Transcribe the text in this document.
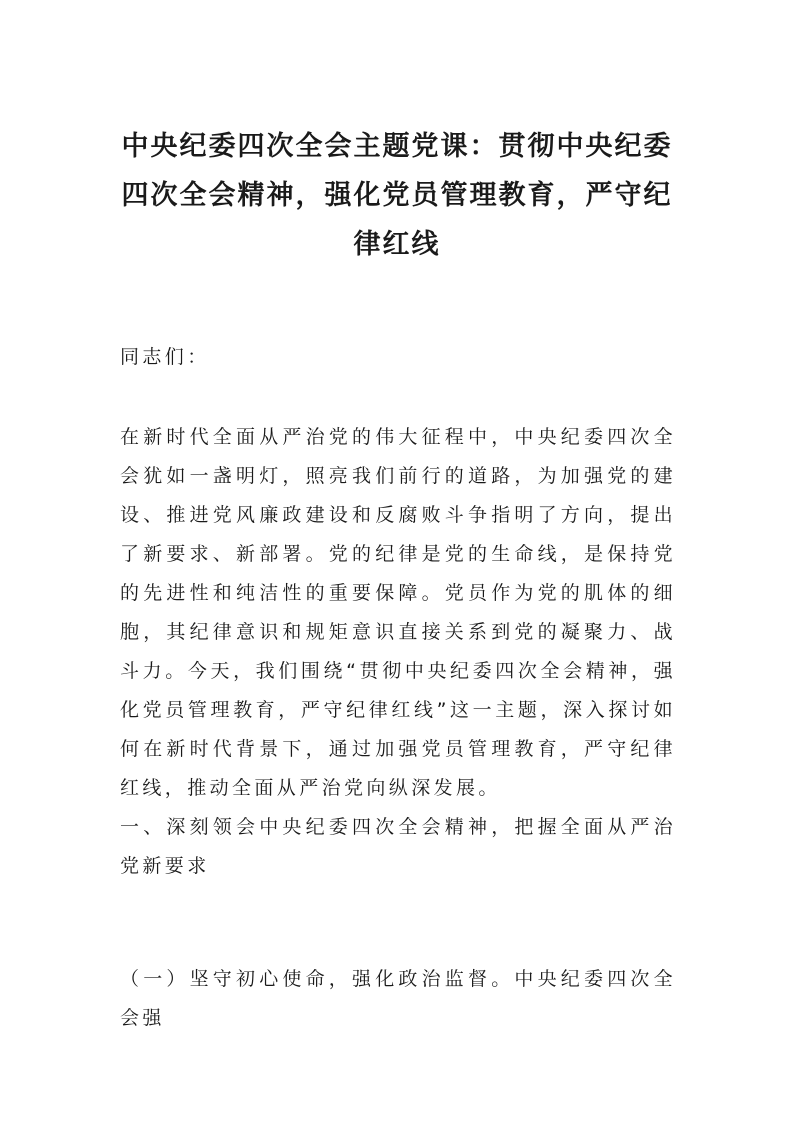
中央纪委四次全会主题党课：贯彻中央纪委四次全会精神，强化党员管理教育，严守纪律红线

同志们：

在新时代全面从严治党的伟大征程中，中央纪委四次全会犹如一盏明灯，照亮我们前行的道路，为加强党的建设、推进党风廉政建设和反腐败斗争指明了方向，提出了新要求、新部署。党的纪律是党的生命线，是保持党的先进性和纯洁性的重要保障。党员作为党的肌体的细胞，其纪律意识和规矩意识直接关系到党的凝聚力、战斗力。今天，我们围绕“贯彻中央纪委四次全会精神，强化党员管理教育，严守纪律红线”这一主题，深入探讨如何在新时代背景下，通过加强党员管理教育，严守纪律红线，推动全面从严治党向纵深发展。

一、深刻领会中央纪委四次全会精神，把握全面从严治党新要求

（一）坚守初心使命，强化政治监督。中央纪委四次全会强
